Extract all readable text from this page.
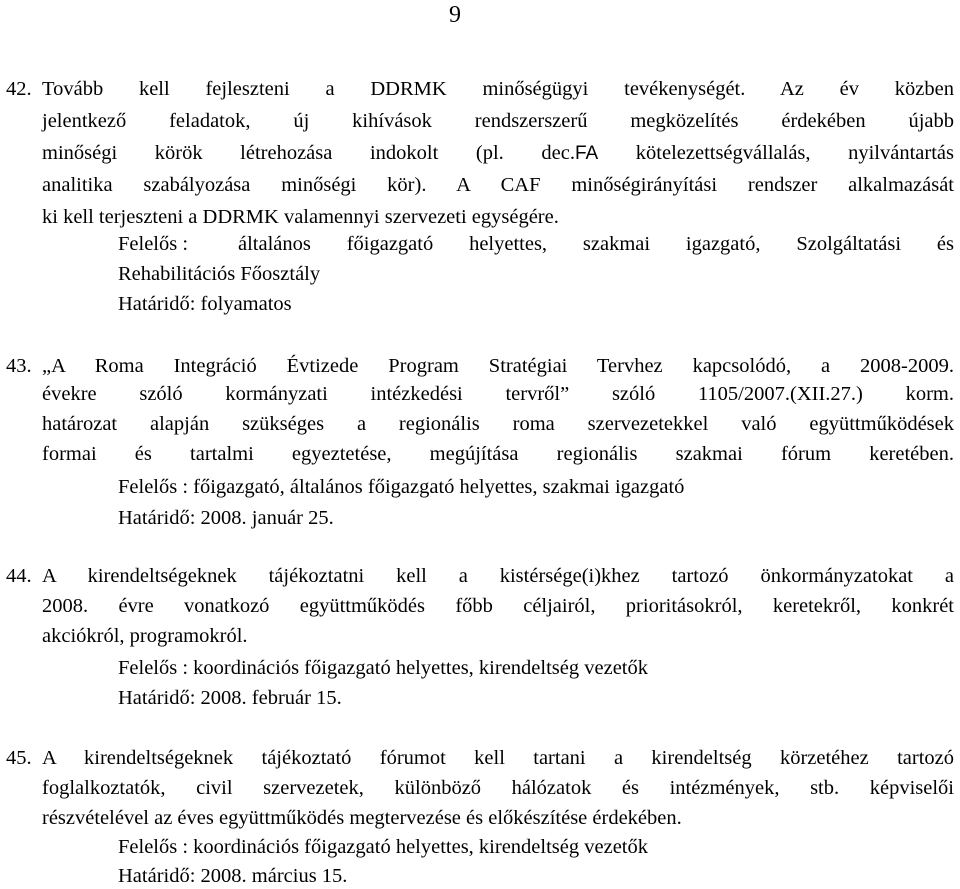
9
42. Tovább kell fejleszteni a DDRMK minőségügyi tevékenységét. Az év közben
jelentkező feladatok, új kihívások rendszerszerű megközelítés érdekében újabb
minőségi körök létrehozása indokolt (pl. dec.FA kötelezettségvállalás, nyilvántartás
analitika szabályozása minőségi kör). A CAF minőségirányítási rendszer alkalmazását
ki kell terjeszteni a DDRMK valamennyi szervezeti egységére.
Felelős : általános főigazgató helyettes, szakmai igazgató, Szolgáltatási és
Rehabilitációs Főosztály
Határidő: folyamatos
43. „A Roma Integráció Évtizede Program Stratégiai Tervhez kapcsolódó, a 2008-2009.
évekre szóló kormányzati intézkedési tervről” szóló 1105/2007.(XII.27.) korm.
határozat alapján szükséges a regionális roma szervezetekkel való együttműködések
formai és tartalmi egyeztetése, megújítása regionális szakmai fórum keretében.
Felelős : főigazgató, általános főigazgató helyettes, szakmai igazgató
Határidő: 2008. január 25.
44. A kirendeltségeknek tájékoztatni kell a kistérsége(i)khez tartozó önkormányzatokat a
2008. évre vonatkozó együttműködés főbb céljairól, prioritásokról, keretekről, konkrét
akciókról, programokról.
Felelős : koordinációs főigazgató helyettes, kirendeltség vezetők
Határidő: 2008. február 15.
45. A kirendeltségeknek tájékoztató fórumot kell tartani a kirendeltség körzetéhez tartozó
foglalkoztatók, civil szervezetek, különböző hálózatok és intézmények, stb. képviselői
részvételével az éves együttműködés megtervezése és előkészítése érdekében.
Felelős : koordinációs főigazgató helyettes, kirendeltség vezetők
Határidő: 2008. március 15.
